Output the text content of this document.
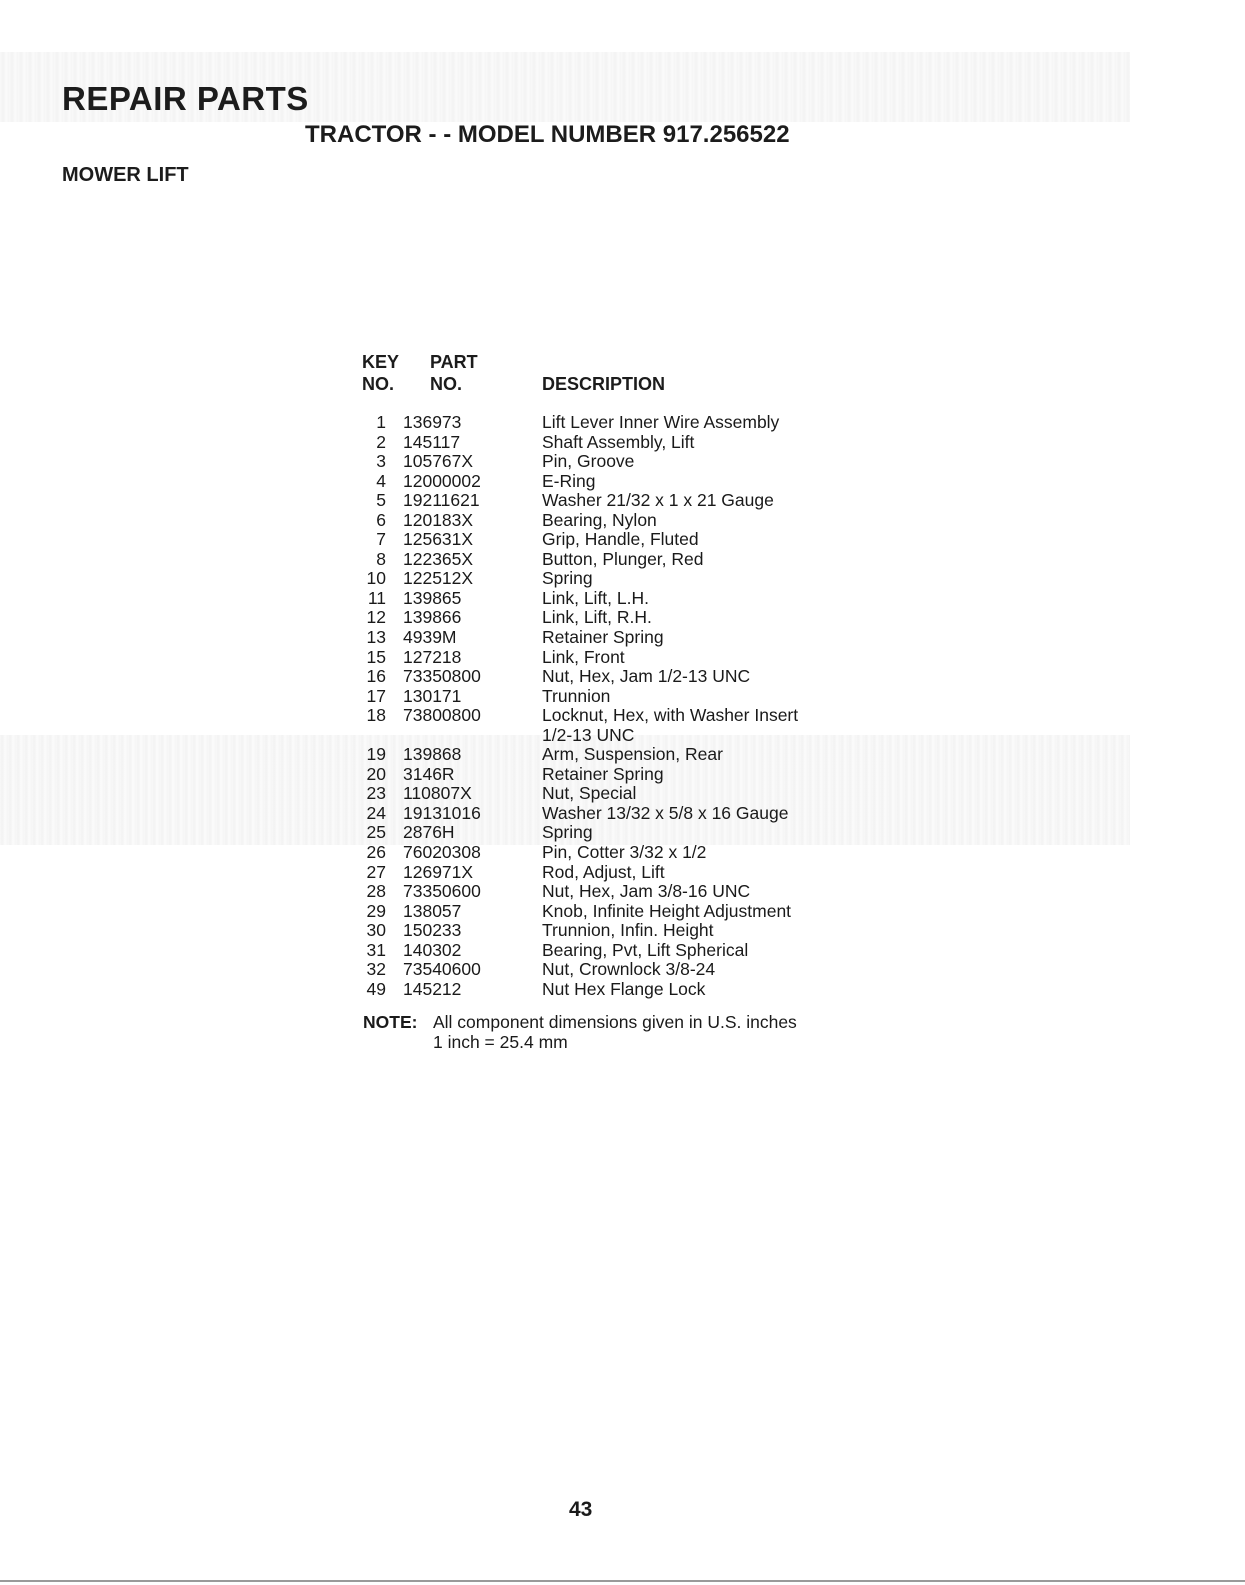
REPAIR PARTS
TRACTOR - - MODEL NUMBER 917.256522
MOWER LIFT
KEY
NO.
PART
NO.	DESCRIPTION
1 136973	Lift Lever Inner Wire Assembly
2 145117	Shaft Assembly, Lift
3 105767X	Pin, Groove
4 12000002	E-Ring
5 19211621	Washer 21/32 x 1 x 21 Gauge
6 120183X	Bearing, Nylon
7 125631X	Grip, Handle, Fluted
8 122365X	Button, Plunger, Red
10 122512X	Spring
11 139865	Link, Lift, L.H.
12 139866	Link, Lift, R.H.
13 4939M	Retainer Spring
15 127218	Link, Front
16 73350800	Nut, Hex, Jam 1/2-13 UNC
17 130171	Trunnion
18 73800800	Locknut, Hex, with Washer Insert
1/2-13 UNC
19 139868	Arm, Suspension, Rear
20 3146R	Retainer Spring
23 110807X	Nut, Special
24 19131016	Washer 13/32 x 5/8 x 16 Gauge
25 2876H	Spring
26 76020308	Pin, Cotter 3/32 x 1/2
27 126971X	Rod, Adjust, Lift
28 73350600	Nut, Hex, Jam 3/8-16 UNC
29 138057	Knob, Infinite Height Adjustment
30 150233	Trunnion, Infin. Height
31 140302	Bearing, Pvt, Lift Spherical
32 73540600	Nut, Crownlock 3/8-24
49 145212	Nut Hex Flange Lock
NOTE: All component dimensions given in U.S. inches
1 inch = 25.4 mm
43
